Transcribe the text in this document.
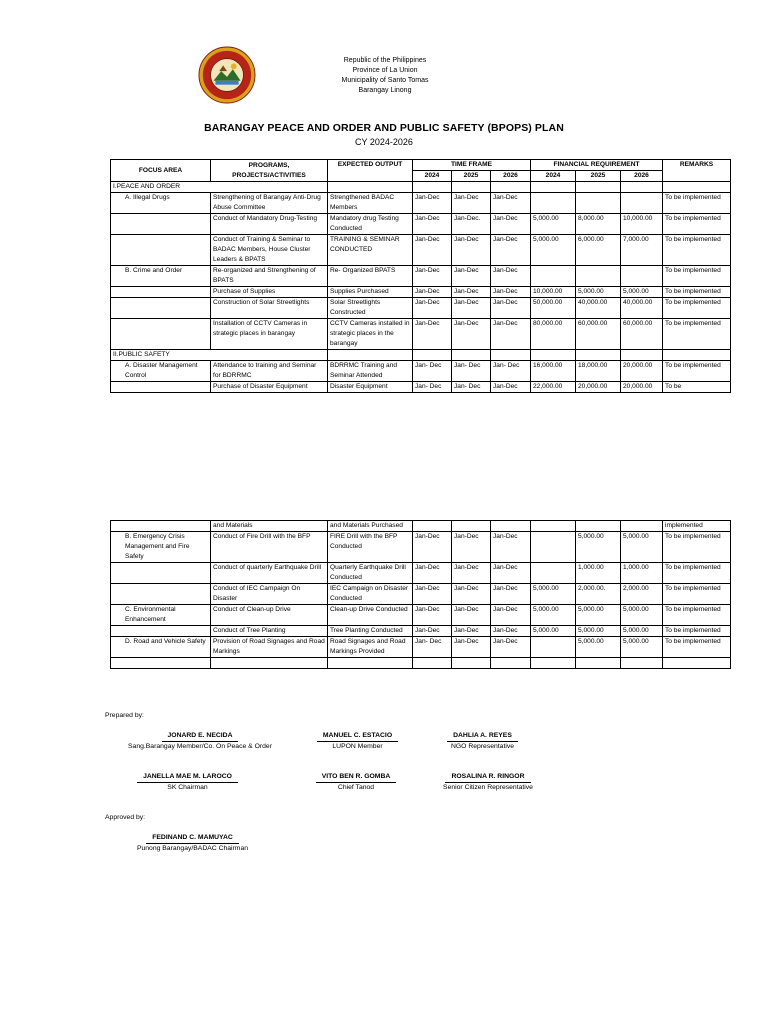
Republic of the Philippines
Province of La Union
Municipality of Santo Tomas
Barangay Linong
BARANGAY PEACE AND ORDER AND PUBLIC SAFETY (BPOPS) PLAN
CY 2024-2026
FOCUS AREA	PROGRAMS, PROJECTS/ACTIVITIES	EXPECTED OUTPUT	TIME FRAME			FINANCIAL REQUIREMENT			REMARKS
			2024	2025	2026	2024	2025	2026	
I.PEACE AND ORDER									
A. Illegal Drugs	Strengthening of Barangay Anti-Drug Abuse Committee	Strengthened BADAC Members	Jan-Dec	Jan-Dec	Jan-Dec				To be implemented
	Conduct of Mandatory Drug-Testing	Mandatory drug Testing Conducted	Jan-Dec	Jan-Dec.	Jan-Dec	5,000.00	8,000.00	10,000.00	To be implemented
	Conduct of Training & Seminar to BADAC Members, House Cluster Leaders & BPATS	TRAINING & SEMINAR CONDUCTED	Jan-Dec	Jan-Dec	Jan-Dec	5,000.00	6,000.00	7,000.00	To be implemented
B. Crime and Order	Re-organized and Strengthening of BPATS	Re- Organized BPATS	Jan-Dec	Jan-Dec	Jan-Dec				To be implemented
	Purchase of Supplies	Supplies Purchased	Jan-Dec	Jan-Dec	Jan-Dec	10,000.00	5,000.00	5,000.00	To be implemented
	Construction of Solar Streetlights	Solar Streetlights Constructed	Jan-Dec	Jan-Dec	Jan-Dec	50,000.00	40,000.00	40,000.00	To be implemented
	Installation of CCTV Cameras in strategic places in barangay	CCTV Cameras installed in strategic places in the barangay	Jan-Dec	Jan-Dec	Jan-Dec	80,000.00	60,000.00	60,000.00	To be implemented
II.PUBLIC SAFETY									
A. Disaster Management Control	Attendance to training and Seminar for BDRRMC	BDRRMC Training and Seminar Attended	Jan- Dec	Jan- Dec	Jan- Dec	16,000.00	18,000.00	20,000.00	To be implemented
	Purchase of Disaster Equipment	Disaster Equipment	Jan- Dec	Jan- Dec	Jan-Dec	22,000.00	20,000.00	20,000.00	To be
	and Materials	and Materials Purchased							implemented
B. Emergency Crisis Management and Fire Safety	Conduct of Fire Drill with the BFP	FIRE Drill with the BFP Conducted	Jan-Dec	Jan-Dec	Jan-Dec		5,000.00	5,000.00	To be implemented
	Conduct of quarterly Earthquake Drill	Quarterly Earthquake Drill Conducted	Jan-Dec	Jan-Dec	Jan-Dec		1,000.00	1,000.00	To be implemented
	Conduct of IEC Campaign On Disaster	IEC Campaign on Disaster Conducted	Jan-Dec	Jan-Dec	Jan-Dec	5,000.00	2,000.00.	2,000.00	To be implemented
C. Environmental Enhancement	Conduct of Clean-up Drive	Clean-up Drive Conducted	Jan-Dec	Jan-Dec	Jan-Dec	5,000.00	5,000.00	5,000.00	To be implemented
	Conduct of Tree Planting	Tree Planting Conducted	Jan-Dec	Jan-Dec	Jan-Dec	5,000.00	5,000.00	5,000.00	To be implemented
D. Road and Vehicle Safety	Provision of Road Signages and Road Markings	Road Signages and Road Markings Provided	Jan- Dec	Jan-Dec	Jan-Dec		5,000.00	5,000.00	To be implemented

Prepared by:
JONARD E. NECIDA
Sang.Barangay Member/Co. On Peace & Order
MANUEL C. ESTACIO
LUPON Member
DAHLIA A. REYES
NGO Representative
JANELLA MAE M. LAROCO
SK Chairman
VITO BEN R. GOMBA
Chief Tanod
ROSALINA R. RINGOR
Senior Citizen Representative
Approved by:
FEDINAND C. MAMUYAC
Punong Barangay/BADAC Chairman
